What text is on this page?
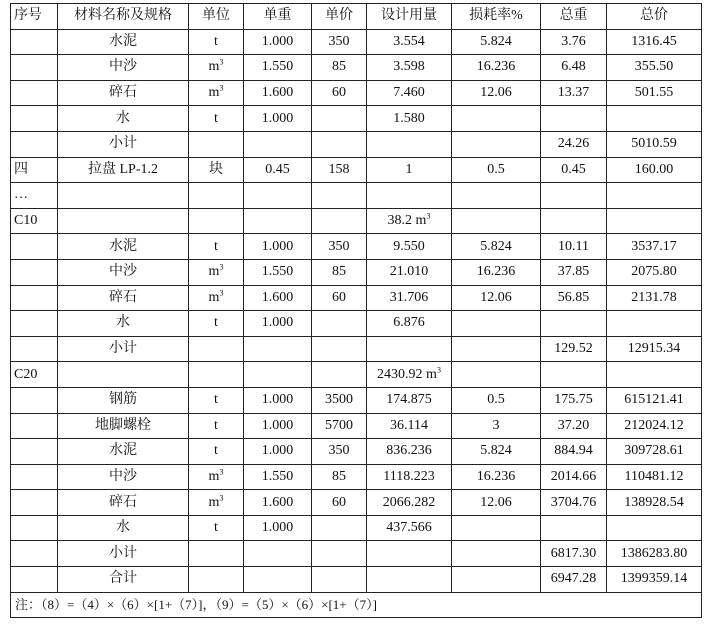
序号	材料名称及规格	单位	单重	单价	设计用量	损耗率%	总重	总价
	水泥	t	1.000	350	3.554	5.824	3.76	1316.45
	中沙	$m^3$	1.550	85	3.598	16.236	6.48	355.50
	碎石	$m^3$	1.600	60	7.460	12.06	13.37	501.55
	水	t	1.000		1.580			
	小计						24.26	5010.59
四	拉盘 LP-1.2	块	0.45	158	1	0.5	0.45	160.00
…								
C10					38.2 $m^3$			
	水泥	t	1.000	350	9.550	5.824	10.11	3537.17
	中沙	$m^3$	1.550	85	21.010	16.236	37.85	2075.80
	碎石	$m^3$	1.600	60	31.706	12.06	56.85	2131.78
	水	t	1.000		6.876			
	小计						129.52	12915.34
C20					2430.92 $m^3$			
	钢筋	t	1.000	3500	174.875	0.5	175.75	615121.41
	地脚螺栓	t	1.000	5700	36.114	3	37.20	212024.12
	水泥	t	1.000	350	836.236	5.824	884.94	309728.61
	中沙	$m^3$	1.550	85	1118.223	16.236	2014.66	110481.12
	碎石	$m^3$	1.600	60	2066.282	12.06	3704.76	138928.54
	水	t	1.000		437.566			
	小计						6817.30	1386283.80
	合计						6947.28	1399359.14
注：（8）=（4）×（6）×[1+（7）]，（9）=（5）×（6）×[1+（7）]								
